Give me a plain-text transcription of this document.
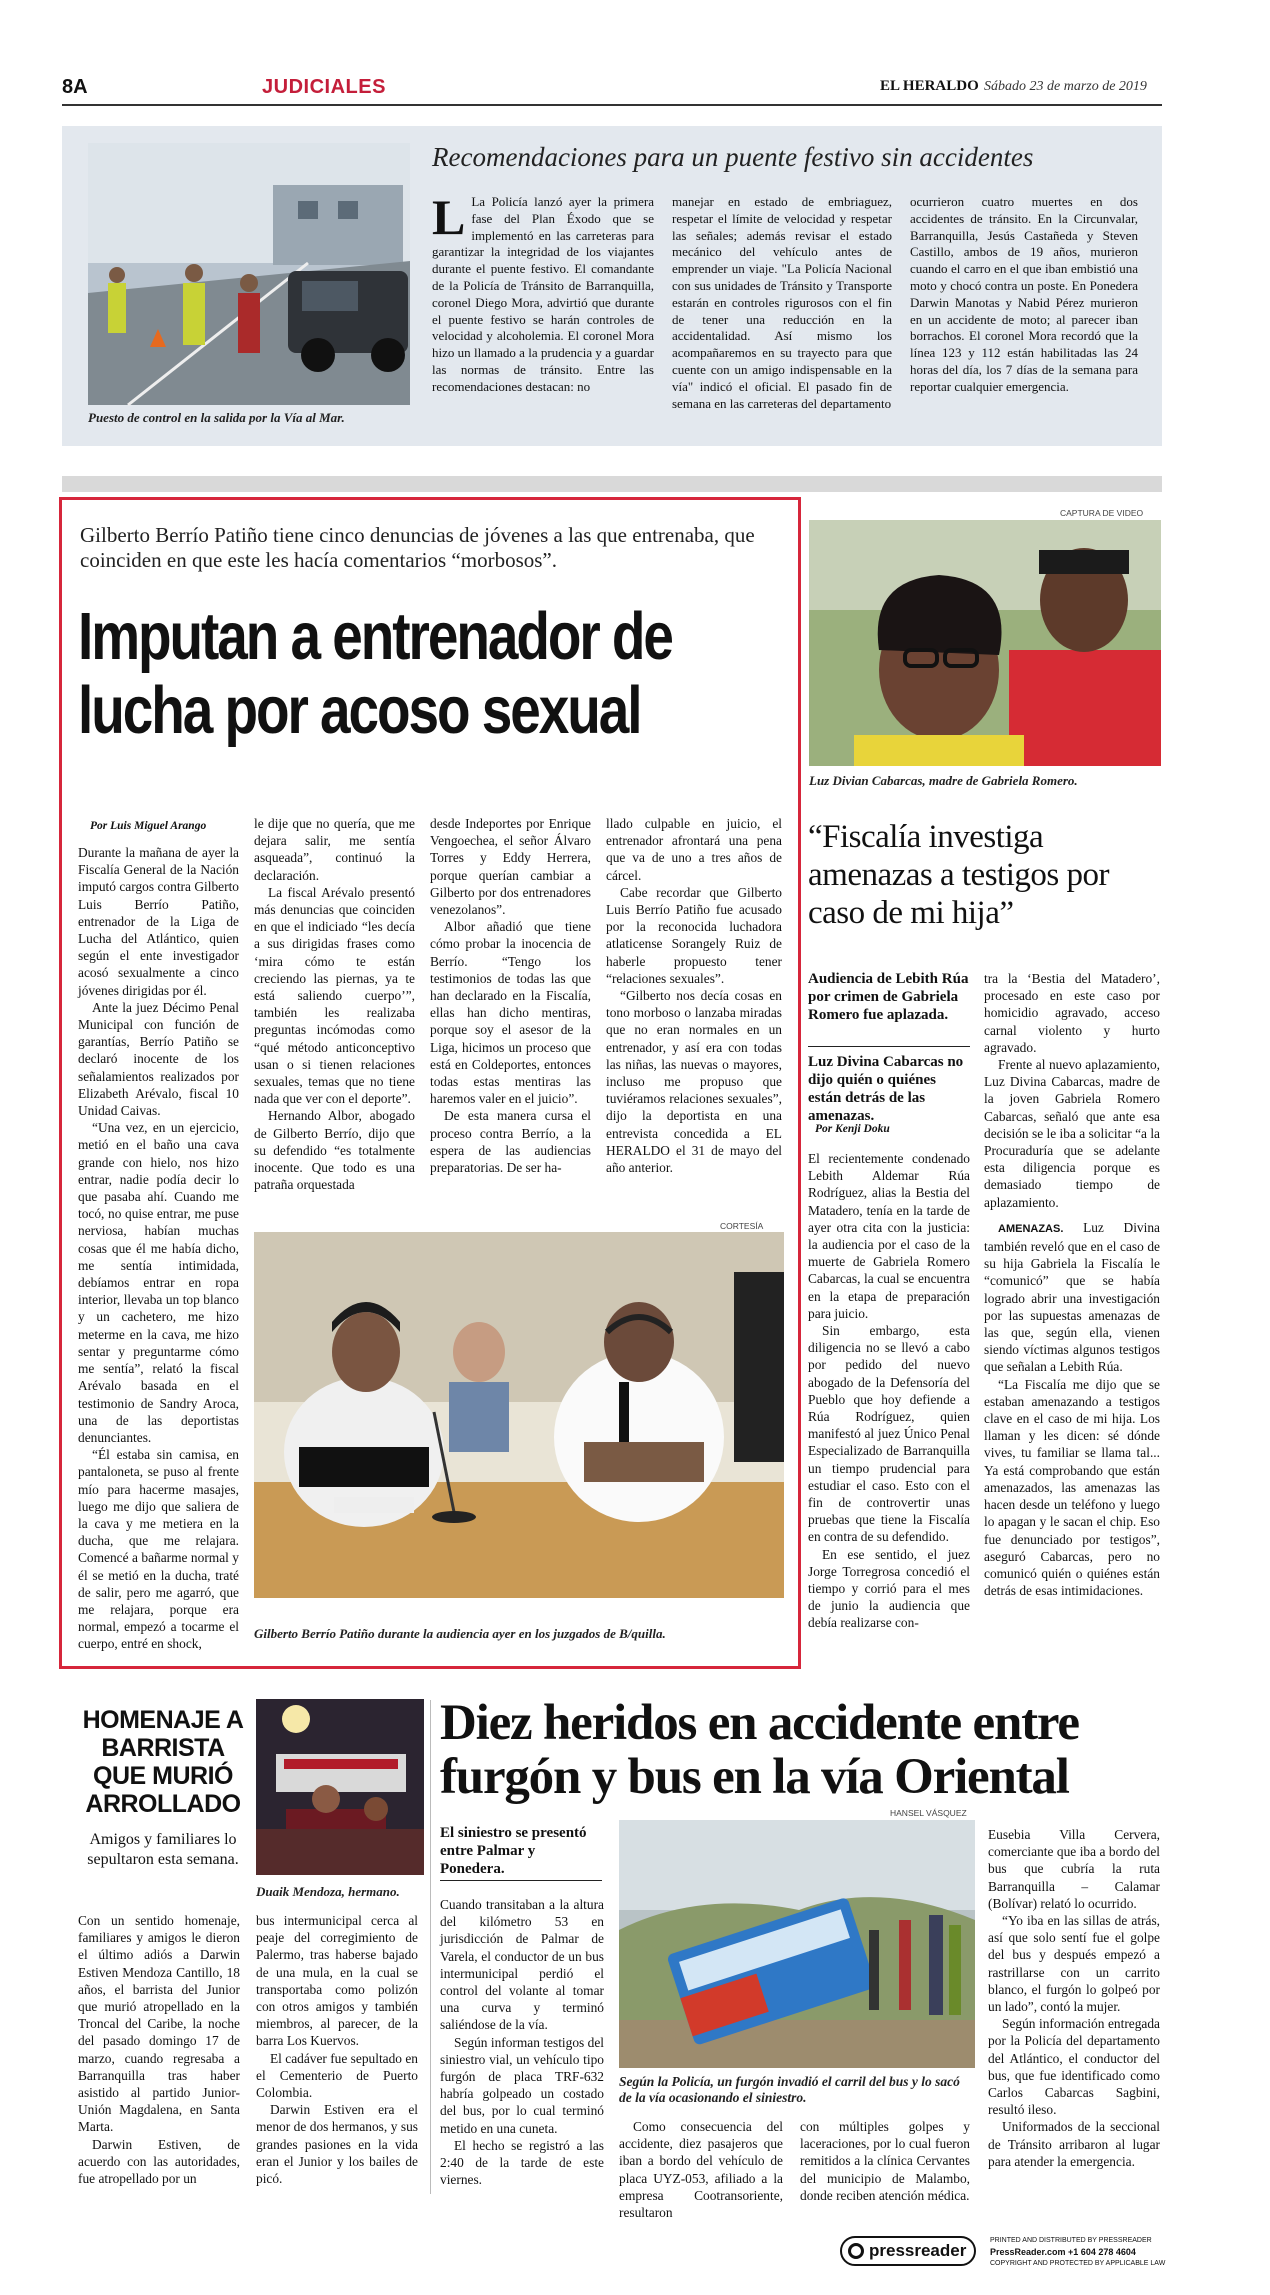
8A	JUDICIALES	EL HERALDO Sábado 23 de marzo de 2019
Puesto de control en la salida por la Vía al Mar.
Recomendaciones para un puente festivo sin accidentes
L La Policía lanzó ayer la primera fase del Plan Éxodo que se implementó en las carreteras para garantizar la integridad de los viajantes durante el puente festivo. El comandante de la Policía de Tránsito de Barranquilla, coronel Diego Mora, advirtió que durante el puente festivo se harán controles de velocidad y alcoholemia. El coronel Mora hizo un llamado a la prudencia y a guardar las normas de tránsito. Entre las recomendaciones destacan: no
manejar en estado de embriaguez, respetar el límite de velocidad y respetar las señales; además revisar el estado mecánico del vehículo antes de emprender un viaje. "La Policía Nacional con sus unidades de Tránsito y Transporte estarán en controles rigurosos con el fin de tener una reducción en la accidentalidad. Así mismo los acompañaremos en su trayecto para que cuente con un amigo indispensable en la vía" indicó el oficial. El pasado fin de semana en las carreteras del departamento
ocurrieron cuatro muertes en dos accidentes de tránsito. En la Circunvalar, Barranquilla, Jesús Castañeda y Steven Castillo, ambos de 19 años, murieron cuando el carro en el que iban embistió una moto y chocó contra un poste. En Ponedera Darwin Manotas y Nabid Pérez murieron en un accidente de moto; al parecer iban borrachos. El coronel Mora recordó que la línea 123 y 112 están habilitadas las 24 horas del día, los 7 días de la semana para reportar cualquier emergencia.
Gilberto Berrío Patiño tiene cinco denuncias de jóvenes a las que entrenaba, que coinciden en que este les hacía comentarios “morbosos”.
Imputan a entrenador de lucha por acoso sexual
Por Luis Miguel Arango

Durante la mañana de ayer la Fiscalía General de la Nación imputó cargos contra Gilberto Luis Berrío Patiño, entrenador de la Liga de Lucha del Atlántico, quien según el ente investigador acosó sexualmente a cinco jóvenes dirigidas por él.

Ante la juez Décimo Penal Municipal con función de garantías, Berrío Patiño se declaró inocente de los señalamientos realizados por Elizabeth Arévalo, fiscal 10 Unidad Caivas.

“Una vez, en un ejercicio, metió en el baño una cava grande con hielo, nos hizo entrar, nadie podía decir lo que pasaba ahí. Cuando me tocó, no quise entrar, me puse nerviosa, habían muchas cosas que él me había dicho, me sentía intimidada, debíamos entrar en ropa interior, llevaba un top blanco y un cachetero, me hizo meterme en la cava, me hizo sentar y preguntarme cómo me sentía”, relató la fiscal Arévalo basada en el testimonio de Sandry Aroca, una de las deportistas denunciantes.

“Él estaba sin camisa, en pantaloneta, se puso al frente mío para hacerme masajes, luego me dijo que saliera de la cava y me metiera en la ducha, que me relajara. Comencé a bañarme normal y él se metió en la ducha, traté de salir, pero me agarró, que me relajara, porque era normal, empezó a tocarme el cuerpo, entré en shock,

le dije que no quería, que me dejara salir, me sentía asqueada”, continuó la declaración.

La fiscal Arévalo presentó más denuncias que coinciden en que el indiciado “les decía a sus dirigidas frases como ‘mira cómo te están creciendo las piernas, ya te está saliendo cuerpo’”, también les realizaba preguntas incómodas como “qué método anticonceptivo usan o si tienen relaciones sexuales, temas que no tiene nada que ver con el deporte”.

Hernando Albor, abogado de Gilberto Berrío, dijo que su defendido “es totalmente inocente. Que todo es una patraña orquestada

desde Indeportes por Enrique Vengoechea, el señor Álvaro Torres y Eddy Herrera, porque querían cambiar a Gilberto por dos entrenadores venezolanos”.

Albor añadió que tiene cómo probar la inocencia de Berrío. “Tengo los testimonios de todas las que han declarado en la Fiscalía, ellas han dicho mentiras, porque soy el asesor de la Liga, hicimos un proceso que está en Coldeportes, entonces todas estas mentiras las haremos valer en el juicio”.

De esta manera cursa el proceso contra Berrío, a la espera de las audiencias preparatorias. De ser ha-

llado culpable en juicio, el entrenador afrontará una pena que va de uno a tres años de cárcel.

Cabe recordar que Gilberto Luis Berrío Patiño fue acusado por la reconocida luchadora atlaticense Sorangely Ruiz de haberle propuesto tener “relaciones sexuales”.

“Gilberto nos decía cosas en tono morboso o lanzaba miradas que no eran normales en un entrenador, y así era con todas las niñas, las nuevas o mayores, incluso me propuso que tuviéramos relaciones sexuales”, dijo la deportista en una entrevista concedida a EL HERALDO el 31 de mayo del año anterior.

CORTESÍA
Gilberto Berrío Patiño durante la audiencia ayer en los juzgados de B/quilla.
CAPTURA DE VIDEO
Luz Divian Cabarcas, madre de Gabriela Romero.
“Fiscalía investiga amenazas a testigos por caso de mi hija”
Audiencia de Lebith Rúa por crimen de Gabriela Romero fue aplazada.
Luz Divina Cabarcas no dijo quién o quiénes están detrás de las amenazas.
Por Kenji Doku

El recientemente condenado Lebith Aldemar Rúa Rodríguez, alias la Bestia del Matadero, tenía en la tarde de ayer otra cita con la justicia: la audiencia por el caso de la muerte de Gabriela Romero Cabarcas, la cual se encuentra en la etapa de preparación para juicio.

Sin embargo, esta diligencia no se llevó a cabo por pedido del nuevo abogado de la Defensoría del Pueblo que hoy defiende a Rúa Rodríguez, quien manifestó al juez Único Penal Especializado de Barranquilla un tiempo prudencial para estudiar el caso. Esto con el fin de controvertir unas pruebas que tiene la Fiscalía en contra de su defendido.

En ese sentido, el juez Jorge Torregrosa concedió el tiempo y corrió para el mes de junio la audiencia que debía realizarse con-

tra la ‘Bestia del Matadero’, procesado en este caso por homicidio agravado, acceso carnal violento y hurto agravado.

Frente al nuevo aplazamiento, Luz Divina Cabarcas, madre de la joven Gabriela Romero Cabarcas, señaló que ante esa decisión se le iba a solicitar “a la Procuraduría que se adelante esta diligencia porque es demasiado tiempo de aplazamiento.

AMENAZAS. Luz Divina también reveló que en el caso de su hija Gabriela la Fiscalía le “comunicó” que se había logrado abrir una investigación por las supuestas amenazas de las que, según ella, vienen siendo víctimas algunos testigos que señalan a Lebith Rúa.

“La Fiscalía me dijo que se estaban amenazando a testigos clave en el caso de mi hija. Los llaman y les dicen: sé dónde vives, tu familiar se llama tal... Ya está comprobando que están amenazados, las amenazas las hacen desde un teléfono y luego lo apagan y le sacan el chip. Eso fue denunciado por testigos”, aseguró Cabarcas, pero no comunicó quién o quiénes están detrás de esas intimidaciones.

HOMENAJE A BARRISTA QUE MURIÓ ARROLLADO
Amigos y familiares lo sepultaron esta semana.
Duaik Mendoza, hermano.

Con un sentido homenaje, familiares y amigos le dieron el último adiós a Darwin Estiven Mendoza Cantillo, 18 años, el barrista del Junior que murió atropellado en la Troncal del Caribe, la noche del pasado domingo 17 de marzo, cuando regresaba a Barranquilla tras haber asistido al partido Junior-Unión Magdalena, en Santa Marta.

Darwin Estiven, de acuerdo con las autoridades, fue atropellado por un

bus intermunicipal cerca al peaje del corregimiento de Palermo, tras haberse bajado de una mula, en la cual se transportaba como polizón con otros amigos y también miembros, al parecer, de la barra Los Kuervos.

El cadáver fue sepultado en el Cementerio de Puerto Colombia.

Darwin Estiven era el menor de dos hermanos, y sus grandes pasiones en la vida eran el Junior y los bailes de picó.

Diez heridos en accidente entre furgón y bus en la vía Oriental
El siniestro se presentó entre Palmar y Ponedera.
HANSEL VÁSQUEZ
Según la Policía, un furgón invadió el carril del bus y lo sacó de la vía ocasionando el siniestro.

Cuando transitaban a la altura del kilómetro 53 en jurisdicción de Palmar de Varela, el conductor de un bus intermunicipal perdió el control del volante al tomar una curva y terminó saliéndose de la vía.

Según informan testigos del siniestro vial, un vehículo tipo furgón de placa TRF-632 habría golpeado un costado del bus, por lo cual terminó metido en una cuneta.

El hecho se registró a las 2:40 de la tarde de este viernes.

Como consecuencia del accidente, diez pasajeros que iban a bordo del vehículo de placa UYZ-053, afiliado a la empresa Cootransoriente, resultaron

con múltiples golpes y laceraciones, por lo cual fueron remitidos a la clínica Cervantes del municipio de Malambo, donde reciben atención médica.

Eusebia Villa Cervera, comerciante que iba a bordo del bus que cubría la ruta Barranquilla – Calamar (Bolívar) relató lo ocurrido.

“Yo iba en las sillas de atrás, así que solo sentí fue el golpe del bus y después empezó a rastrillarse con un carrito blanco, el furgón lo golpeó por un lado”, contó la mujer.

Según información entregada por la Policía del departamento del Atlántico, el conductor del bus, que fue identificado como Carlos Cabarcas Sagbini, resultó ileso.

Uniformados de la seccional de Tránsito arribaron al lugar para atender la emergencia.

pressreader
PRINTED AND DISTRIBUTED BY PRESSREADER
PressReader.com +1 604 278 4604
COPYRIGHT AND PROTECTED BY APPLICABLE LAW
